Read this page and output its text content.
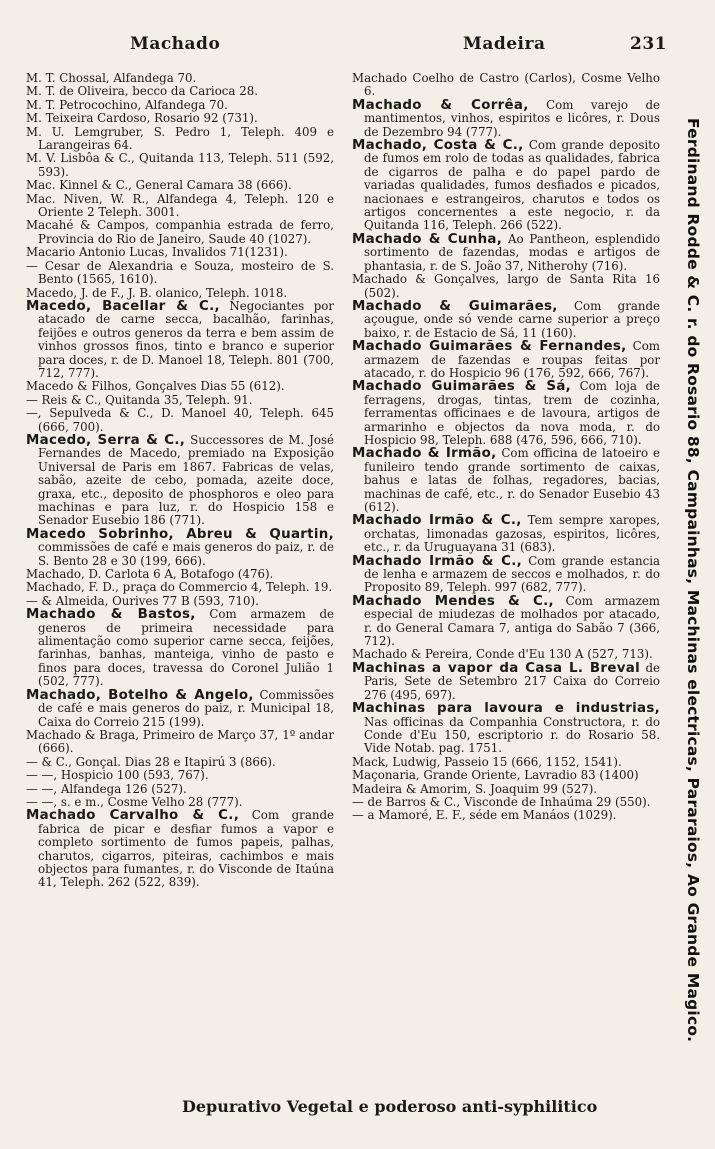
Machado	Madeira	231
M. T. Chossal, Alfandega 70.
M. T. de Oliveira, becco da Carioca 28.
M. T. Petrocochino, Alfandega 70.
M. Teixeira Cardoso, Rosario 92 (731).
M. U. Lemgruber, S. Pedro 1, Teleph. 409 e Larangeiras 64.
M. V. Lisbôa & C., Quitanda 113, Teleph. 511 (592, 593).
Mac. Kinnel & C., General Camara 38 (666).
Mac. Niven, W. R., Alfandega 4, Teleph. 120 e Oriente 2 Teleph. 3001.
Macahé & Campos, companhia estrada de ferro, Provincia do Rio de Janeiro, Saude 40 (1027).
Macario Antonio Lucas, Invalidos 71(1231).
— Cesar de Alexandria e Souza, mosteiro de S. Bento (1565, 1610).
Macedo, J. de F., J. B. olanico, Teleph. 1018.
Macedo, Bacellar & C., Negociantes por atacado de carne secca, bacalhão, farinhas, feijões e outros generos da terra e bem assim de vinhos grossos finos, tinto e branco e superior para doces, r. de D. Manoel 18, Teleph. 801 (700, 712, 777).
Macedo & Filhos, Gonçalves Dias 55 (612).
— Reis & C., Quitanda 35, Teleph. 91.
—, Sepulveda & C., D. Manoel 40, Teleph. 645 (666, 700).
Macedo, Serra & C., Successores de M. José Fernandes de Macedo, premiado na Exposição Universal de Paris em 1867. Fabricas de velas, sabão, azeite de cebo, pomada, azeite doce, graxa, etc., deposito de phosphoros e oleo para machinas e para luz, r. do Hospicio 158 e Senador Eusebio 186 (771).
Macedo Sobrinho, Abreu & Quartin, commissões de café e mais generos do paiz, r. de S. Bento 28 e 30 (199, 666).
Machado, D. Carlota 6 A, Botafogo (476).
Machado, F. D., praça do Commercio 4, Teleph. 19.
— & Almeida, Ourives 77 B (593, 710).
Machado & Bastos, Com armazem de generos de primeira necessidade para alimentação como superior carne secca, feijões, farinhas, banhas, manteiga, vinho de pasto e finos para doces, travessa do Coronel Julião 1 (502, 777).
Machado, Botelho & Angelo, Commissões de café e mais generos do paiz, r. Municipal 18, Caixa do Correio 215 (199).
Machado & Braga, Primeiro de Março 37, 1º andar (666).
— & C., Gonçal. Dias 28 e Itapirú 3 (866).
— —, Hospicio 100 (593, 767).
— —, Alfandega 126 (527).
— —, s. e m., Cosme Velho 28 (777).
Machado Carvalho & C., Com grande fabrica de picar e desfiar fumos a vapor e completo sortimento de fumos papeis, palhas, charutos, cigarros, piteiras, cachimbos e mais objectos para fumantes, r. do Visconde de Itaúna 41, Teleph. 262 (522, 839).
Machado Coelho de Castro (Carlos), Cosme Velho 6.
Machado & Corrêa, Com varejo de mantimentos, vinhos, espiritos e licôres, r. Dous de Dezembro 94 (777).
Machado, Costa & C., Com grande deposito de fumos em rolo de todas as qualidades, fabrica de cigarros de palha e do papel pardo de variadas qualidades, fumos desfiados e picados, nacionaes e estrangeiros, charutos e todos os artigos concernentes a este negocio, r. da Quitanda 116, Teleph. 266 (522).
Machado & Cunha, Ao Pantheon, esplendido sortimento de fazendas, modas e artigos de phantasia, r. de S. João 37, Nitherohy (716).
Machado & Gonçalves, largo de Santa Rita 16 (502).
Machado & Guimarães, Com grande açougue, onde só vende carne superior a preço baixo, r. de Estacio de Sá, 11 (160).
Machado Guimarães & Fernandes, Com armazem de fazendas e roupas feitas por atacado, r. do Hospicio 96 (176, 592, 666, 767).
Machado Guimarães & Sá, Com loja de ferragens, drogas, tintas, trem de cozinha, ferramentas officinaes e de lavoura, artigos de armarinho e objectos da nova moda, r. do Hospicio 98, Teleph. 688 (476, 596, 666, 710).
Machado & Irmão, Com officina de latoeiro e funileiro tendo grande sortimento de caixas, bahus e latas de folhas, regadores, bacias, machinas de café, etc., r. do Senador Eusebio 43 (612).
Machado Irmão & C., Tem sempre xaropes, orchatas, limonadas gazosas, espiritos, licôres, etc., r. da Uruguayana 31 (683).
Machado Irmão & C., Com grande estancia de lenha e armazem de seccos e molhados, r. do Proposito 89, Teleph. 997 (682, 777).
Machado Mendes & C., Com armazem especial de miudezas de molhados por atacado, r. do General Camara 7, antiga do Sabão 7 (366, 712).
Machado & Pereira, Conde d'Eu 130 A (527, 713).
Machinas a vapor da Casa L. Breval de Paris, Sete de Setembro 217 Caixa do Correio 276 (495, 697).
Machinas para lavoura e industrias, Nas officinas da Companhia Constructora, r. do Conde d'Eu 150, escriptorio r. do Rosario 58. Vide Notab. pag. 1751.
Mack, Ludwig, Passeio 15 (666, 1152, 1541).
Maçonaria, Grande Oriente, Lavradio 83 (1400)
Madeira & Amorim, S. Joaquim 99 (527).
— de Barros & C., Visconde de Inhaúma 29 (550).
— a Mamoré, E. F., séde em Manáos (1029).	Ferdinand Rodde & C. r. do Rosario 88, Campainhas, Machinas electricas, Pararaios, Ao Grande Magico.
Depurativo Vegetal e poderoso anti-syphilitico
